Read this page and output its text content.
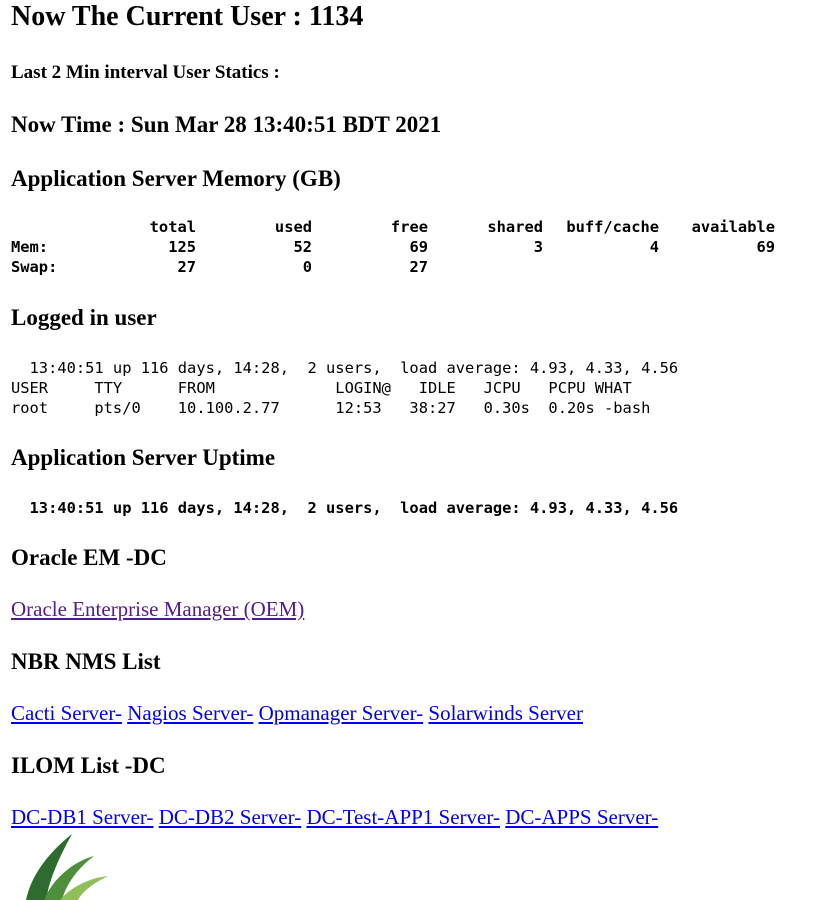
Now The Current User : 1134
Last 2 Min interval User Statics :
Now Time : Sun Mar 28 13:40:51 BDT 2021
Application Server Memory (GB)
	total	used	free	shared	buff/cache	available
Mem:	125	52	69	3	4	69
Swap:	27	0	27			
Logged in user
13:40:51 up 116 days, 14:28,  2 users,  load average: 4.93, 4.33, 4.56
USER     TTY      FROM             LOGIN@   IDLE   JCPU   PCPU WHAT
root     pts/0    10.100.2.77      12:53   38:27   0.30s  0.20s -bash
Application Server Uptime
13:40:51 up 116 days, 14:28,  2 users,  load average: 4.93, 4.33, 4.56
Oracle EM -DC
Oracle Enterprise Manager (OEM)
NBR NMS List
Cacti Server- Nagios Server- Opmanager Server- Solarwinds Server
ILOM List -DC
DC-DB1 Server- DC-DB2 Server- DC-Test-APP1 Server- DC-APPS Server-
